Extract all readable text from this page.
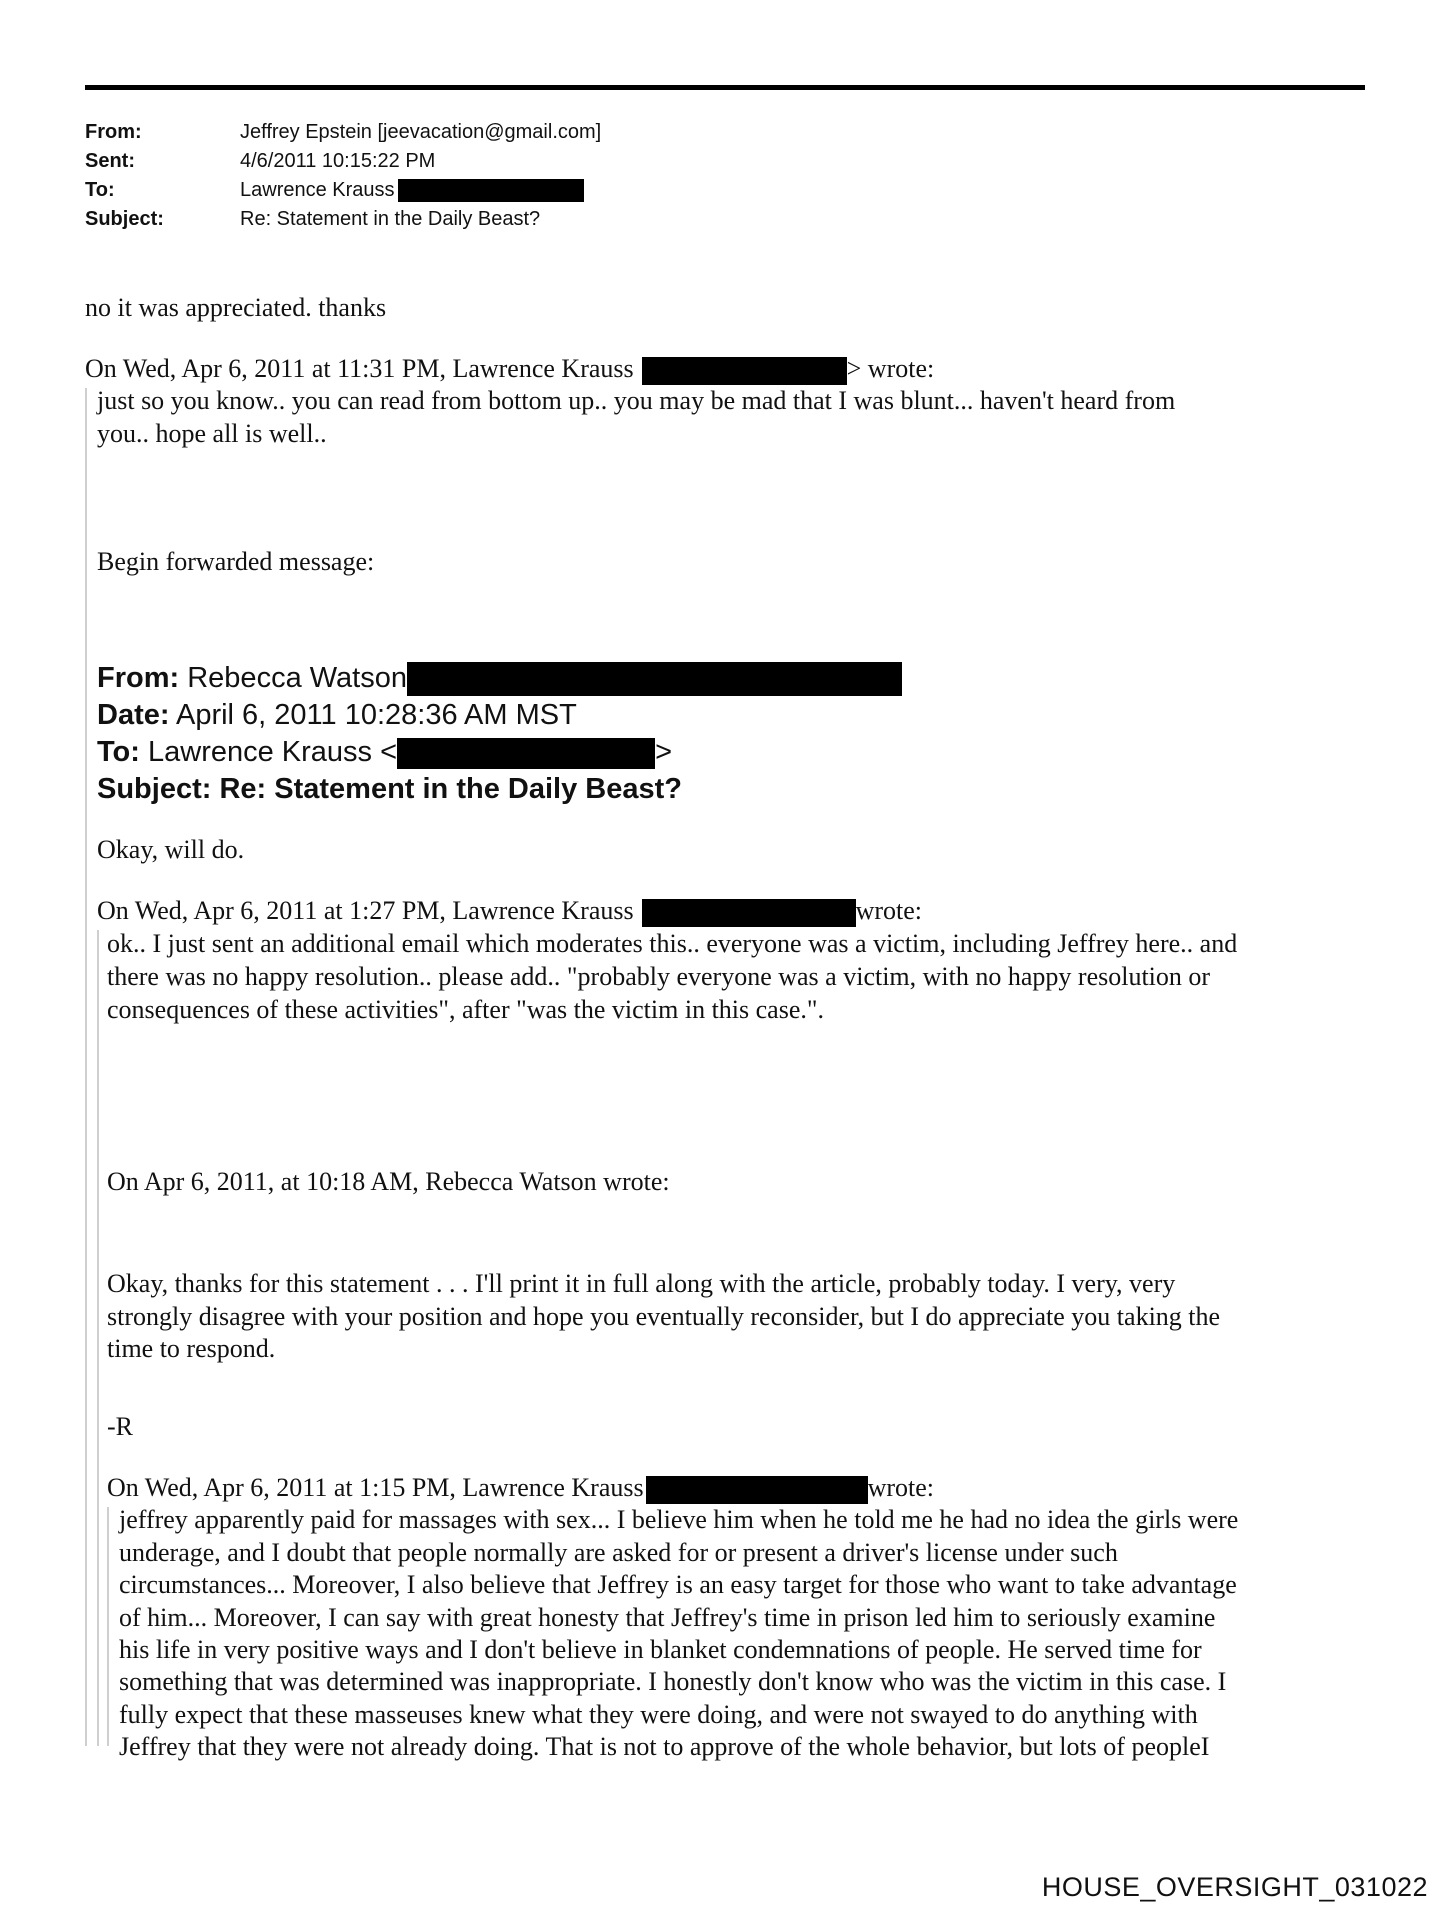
From:	Jeffrey Epstein [jeevacation@gmail.com]
Sent:	4/6/2011 10:15:22 PM
To:	Lawrence Krauss
Subject:	Re: Statement in the Daily Beast?
no it was appreciated. thanks
On Wed, Apr 6, 2011 at 11:31 PM, Lawrence Krauss	> wrote:
just so you know.. you can read from bottom up.. you may be mad that I was blunt... haven't heard from
you.. hope all is well..
Begin forwarded message:
From: Rebecca Watson
Date: April 6, 2011 10:28:36 AM MST
To: Lawrence Krauss <	>
Subject: Re: Statement in the Daily Beast?
Okay, will do.
On Wed, Apr 6, 2011 at 1:27 PM, Lawrence Krauss	wrote:
ok.. I just sent an additional email which moderates this.. everyone was a victim, including Jeffrey here.. and
there was no happy resolution.. please add.. "probably everyone was a victim, with no happy resolution or
consequences of these activities", after "was the victim in this case.".
On Apr 6, 2011, at 10:18 AM, Rebecca Watson wrote:
Okay, thanks for this statement . . . I'll print it in full along with the article, probably today. I very, very
strongly disagree with your position and hope you eventually reconsider, but I do appreciate you taking the
time to respond.
-R
On Wed, Apr 6, 2011 at 1:15 PM, Lawrence Krauss	wrote:
jeffrey apparently paid for massages with sex... I believe him when he told me he had no idea the girls were
underage, and I doubt that people normally are asked for or present a driver's license under such
circumstances... Moreover, I also believe that Jeffrey is an easy target for those who want to take advantage
of him... Moreover, I can say with great honesty that Jeffrey's time in prison led him to seriously examine
his life in very positive ways and I don't believe in blanket condemnations of people. He served time for
something that was determined was inappropriate. I honestly don't know who was the victim in this case. I
fully expect that these masseuses knew what they were doing, and were not swayed to do anything with
Jeffrey that they were not already doing. That is not to approve of the whole behavior, but lots of peopleI
HOUSE_OVERSIGHT_031022
